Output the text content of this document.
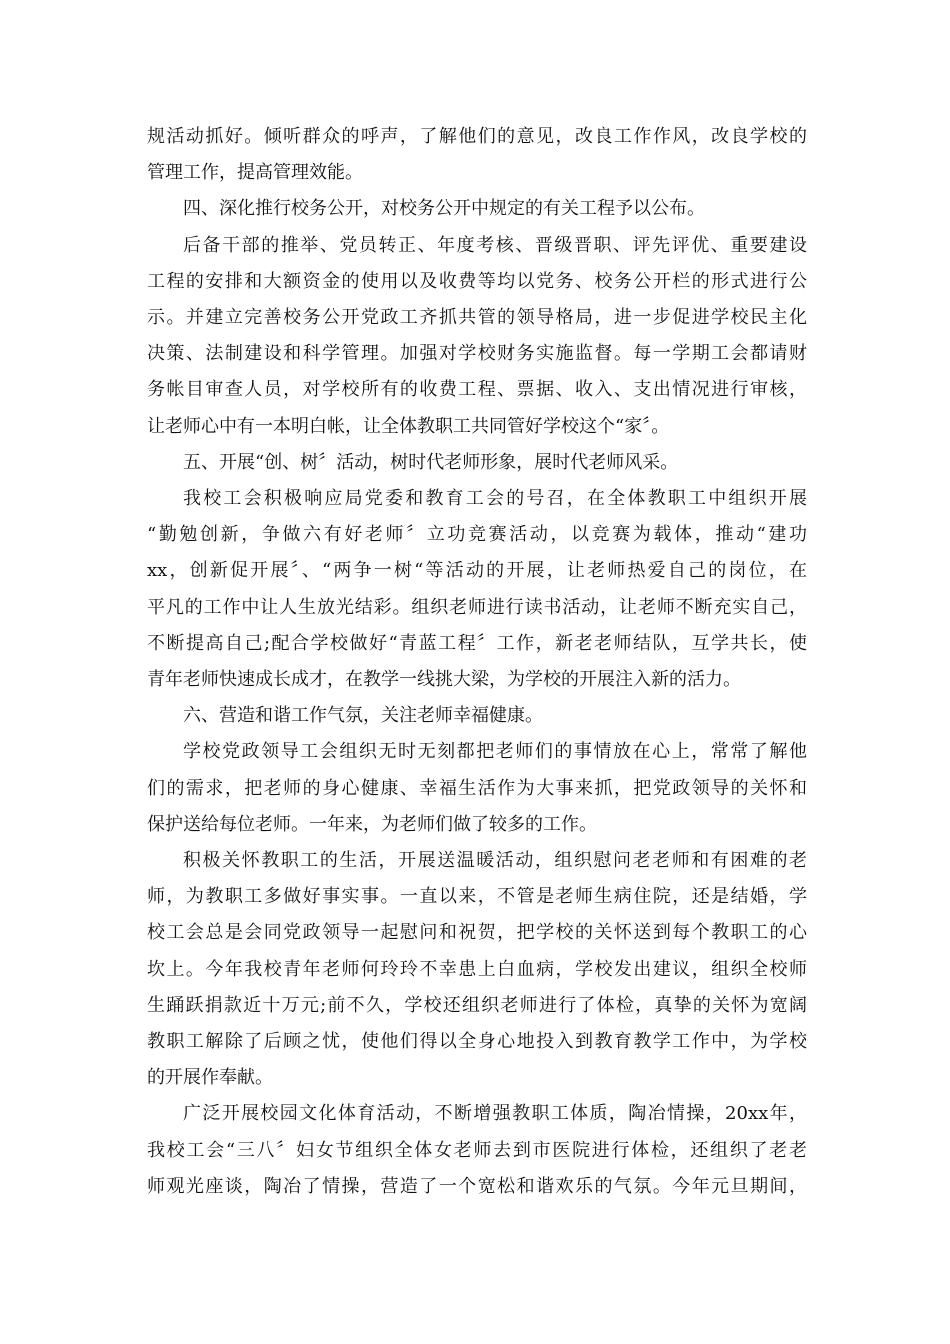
规活动抓好。倾听群众的呼声，了解他们的意见，改良工作作风，改良学校的
管理工作，提高管理效能。

四、深化推行校务公开，对校务公开中规定的有关工程予以公布。

后备干部的推举、党员转正、年度考核、晋级晋职、评先评优、重要建设
工程的安排和大额资金的使用以及收费等均以党务、校务公开栏的形式进行公
示。并建立完善校务公开党政工齐抓共管的领导格局，进一步促进学校民主化
决策、法制建设和科学管理。加强对学校财务实施监督。每一学期工会都请财
务帐目审查人员，对学校所有的收费工程、票据、收入、支出情况进行审核，
让老师心中有一本明白帐，让全体教职工共同管好学校这个“家〞。

五、开展“创、树〞活动，树时代老师形象，展时代老师风采。

我校工会积极响应局党委和教育工会的号召，在全体教职工中组织开展
“勤勉创新，争做六有好老师〞立功竞赛活动，以竞赛为载体，推动“建功
xx，创新促开展〞、“两争一树“等活动的开展，让老师热爱自己的岗位，在
平凡的工作中让人生放光结彩。组织老师进行读书活动，让老师不断充实自己，
不断提高自己;配合学校做好“青蓝工程〞工作，新老老师结队，互学共长，使
青年老师快速成长成才，在教学一线挑大梁，为学校的开展注入新的活力。

六、营造和谐工作气氛，关注老师幸福健康。

学校党政领导工会组织无时无刻都把老师们的事情放在心上，常常了解他
们的需求，把老师的身心健康、幸福生活作为大事来抓，把党政领导的关怀和
保护送给每位老师。一年来，为老师们做了较多的工作。

积极关怀教职工的生活，开展送温暖活动，组织慰问老老师和有困难的老
师，为教职工多做好事实事。一直以来，不管是老师生病住院，还是结婚，学
校工会总是会同党政领导一起慰问和祝贺，把学校的关怀送到每个教职工的心
坎上。今年我校青年老师何玲玲不幸患上白血病，学校发出建议，组织全校师
生踊跃捐款近十万元;前不久，学校还组织老师进行了体检，真挚的关怀为宽阔
教职工解除了后顾之忧，使他们得以全身心地投入到教育教学工作中，为学校
的开展作奉献。

广泛开展校园文化体育活动，不断增强教职工体质，陶冶情操，20xx年，
我校工会“三八〞妇女节组织全体女老师去到市医院进行体检，还组织了老老
师观光座谈，陶冶了情操，营造了一个宽松和谐欢乐的气氛。今年元旦期间，
